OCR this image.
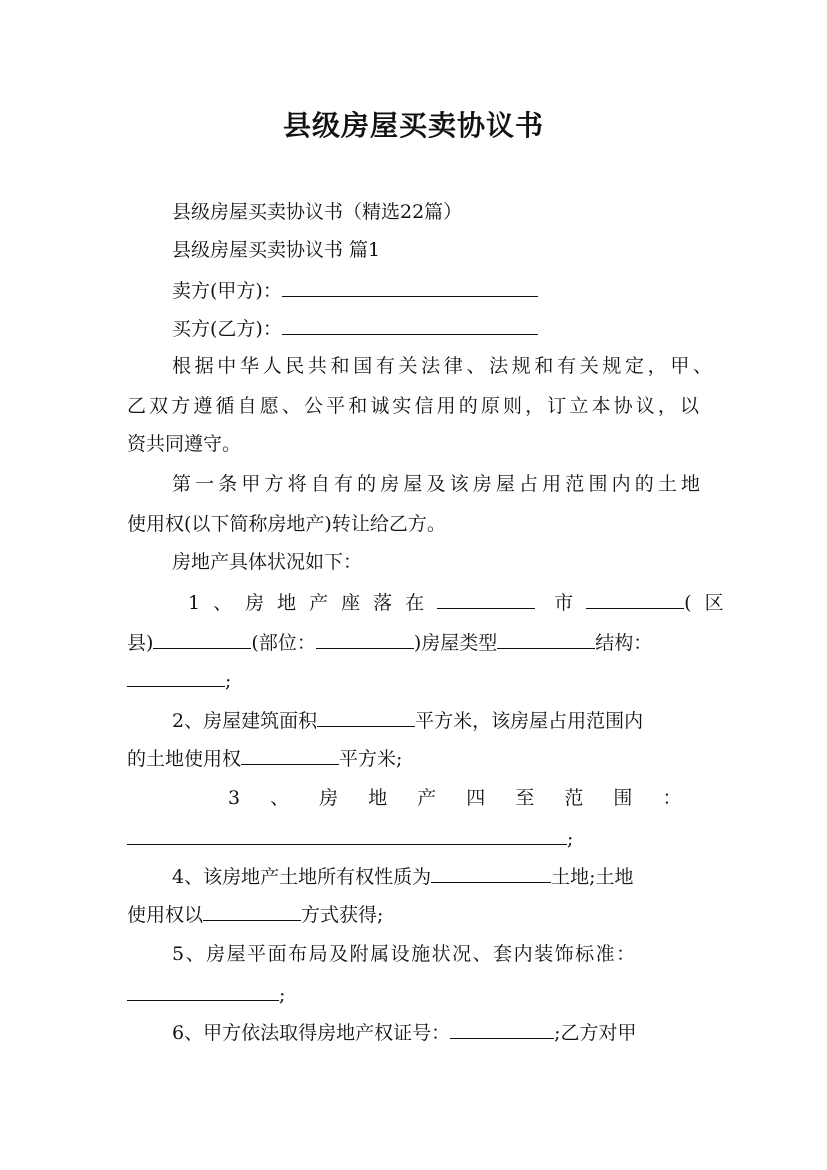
县级房屋买卖协议书

县级房屋买卖协议书（精选22篇）

县级房屋买卖协议书 篇1

卖方(甲方)：

买方(乙方)：

根据中华人民共和国有关法律、法规和有关规定，甲、

乙双方遵循自愿、公平和诚实信用的原则，订立本协议，以

资共同遵守。

第一条甲方将自有的房屋及该房屋占用范围内的土地

使用权(以下简称房地产)转让给乙方。

房地产具体状况如下：

1、房地产座落在	市	(区

县)	(部位：	)房屋类型	结构：

;

2、房屋建筑面积	平方米，该房屋占用范围内

的土地使用权	平方米;

3 、 房 地 产 四 至 范 围 ：

;

4、该房地产土地所有权性质为	土地;土地

使用权以	方式获得;

5、房屋平面布局及附属设施状况、套内装饰标准：

;

6、甲方依法取得房地产权证号：	;乙方对甲
